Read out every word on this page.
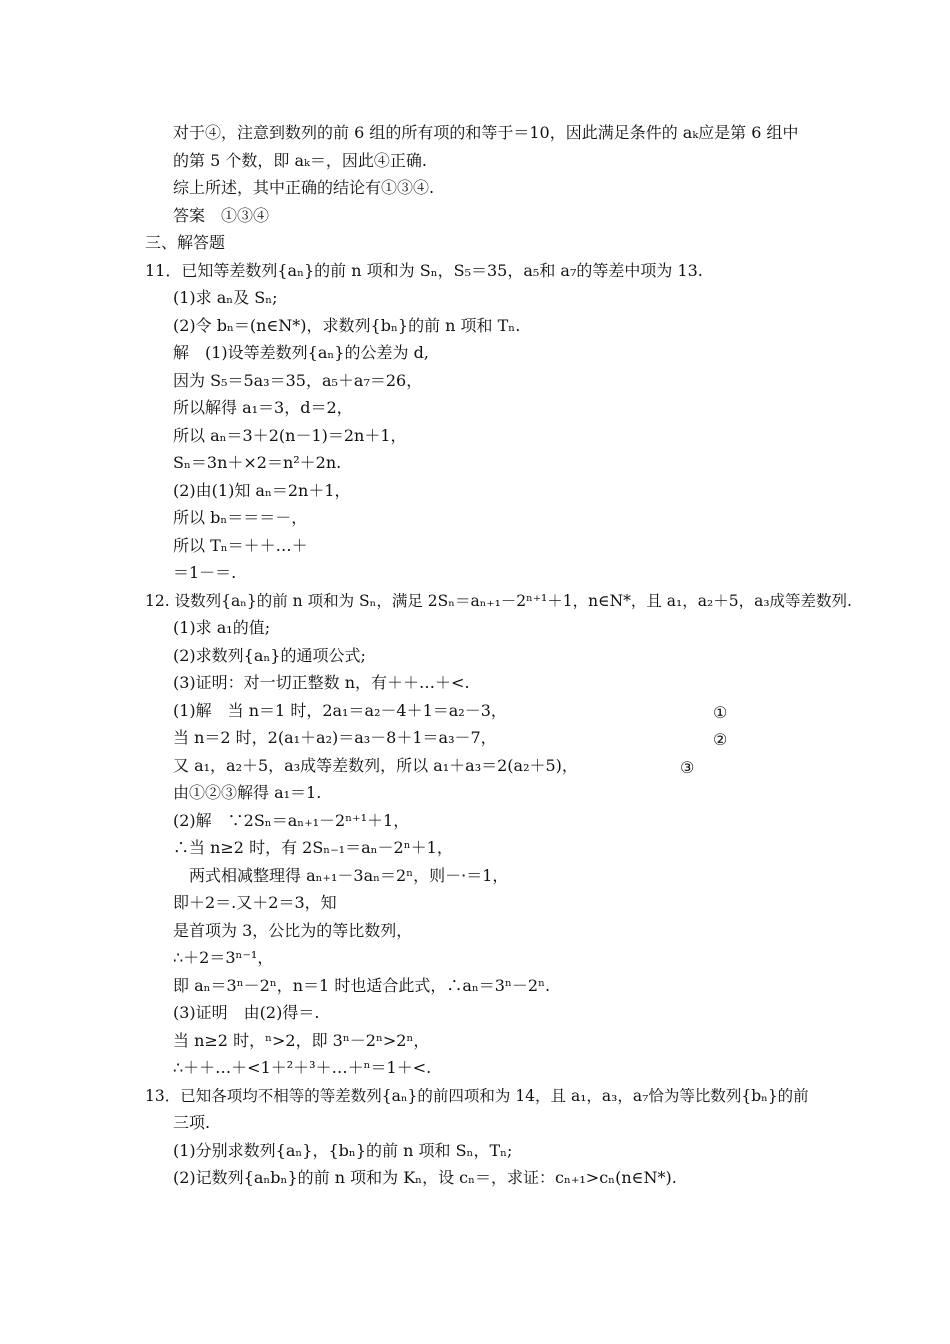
对于④，注意到数列的前 6 组的所有项的和等于＝10，因此满足条件的 aₖ应是第 6 组中
的第 5 个数，即 aₖ＝，因此④正确.
综上所述，其中正确的结论有①③④.
答案　①③④
三、解答题
11．已知等差数列{aₙ}的前 n 项和为 Sₙ，S₅＝35，a₅和 a₇的等差中项为 13.
(1)求 aₙ及 Sₙ;
(2)令 bₙ＝(n∈N*)，求数列{bₙ}的前 n 项和 Tₙ.
解　(1)设等差数列{aₙ}的公差为 d,
因为 S₅＝5a₃＝35，a₅＋a₇＝26，
所以解得 a₁＝3，d＝2，
所以 aₙ＝3＋2(n－1)＝2n＋1，
Sₙ＝3n＋×2＝n²＋2n.
(2)由(1)知 aₙ＝2n＋1，
所以 bₙ＝＝＝－，
所以 Tₙ＝＋＋…＋
＝1－＝.
12. 设数列{aₙ}的前 n 项和为 Sₙ，满足 2Sₙ＝aₙ₊₁－2ⁿ⁺¹＋1，n∈N*，且 a₁，a₂＋5，a₃成等差数列.
(1)求 a₁的值;
(2)求数列{aₙ}的通项公式;
(3)证明：对一切正整数 n，有＋＋…＋<.
(1)解　当 n＝1 时，2a₁＝a₂－4＋1＝a₂－3，	①
当 n＝2 时，2(a₁＋a₂)＝a₃－8＋1＝a₃－7，	②
又 a₁，a₂＋5，a₃成等差数列，所以 a₁＋a₃＝2(a₂＋5)，	③
由①②③解得 a₁＝1.
(2)解　∵2Sₙ＝aₙ₊₁－2ⁿ⁺¹＋1，
∴当 n≥2 时，有 2Sₙ₋₁＝aₙ－2ⁿ＋1，
两式相减整理得 aₙ₊₁－3aₙ＝2ⁿ，则－·＝1，
即＋2＝.又＋2＝3，知
是首项为 3，公比为的等比数列，
∴＋2＝3ⁿ⁻¹，
即 aₙ＝3ⁿ－2ⁿ，n＝1 时也适合此式，∴aₙ＝3ⁿ－2ⁿ.
(3)证明　由(2)得＝.
当 n≥2 时，ⁿ>2，即 3ⁿ－2ⁿ>2ⁿ，
∴＋＋…＋<1＋²＋³＋…＋ⁿ＝1＋<.
13．已知各项均不相等的等差数列{aₙ}的前四项和为 14，且 a₁，a₃，a₇恰为等比数列{bₙ}的前
三项.
(1)分别求数列{aₙ}，{bₙ}的前 n 项和 Sₙ，Tₙ;
(2)记数列{aₙbₙ}的前 n 项和为 Kₙ，设 cₙ＝，求证：cₙ₊₁>cₙ(n∈N*).
